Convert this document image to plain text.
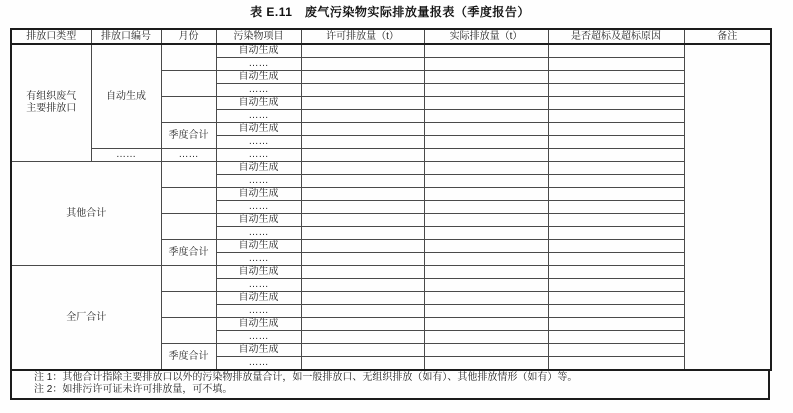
表 E.11　废气污染物实际排放量报表（季度报告）
排放口类型	排放口编号	月份	污染物项目	许可排放量（t）	实际排放量（t）	是否超标及超标原因	备注
有组织废气
主要排放口	自动生成		自动生成				
			……				
			自动生成				
			……				
			自动生成				
			……				
		季度合计	自动生成				
			……				
	……	……	……				
其他合计			自动生成				
			……				
			自动生成				
			……				
			自动生成				
			……				
		季度合计	自动生成				
			……				
全厂合计			自动生成				
			……				
			自动生成				
			……				
			自动生成				
			……				
		季度合计	自动生成				
			……				
注 1：其他合计指除主要排放口以外的污染物排放量合计，如一般排放口、无组织排放（如有）、其他排放情形（如有）等。
注 2：如排污许可证未许可排放量，可不填。
